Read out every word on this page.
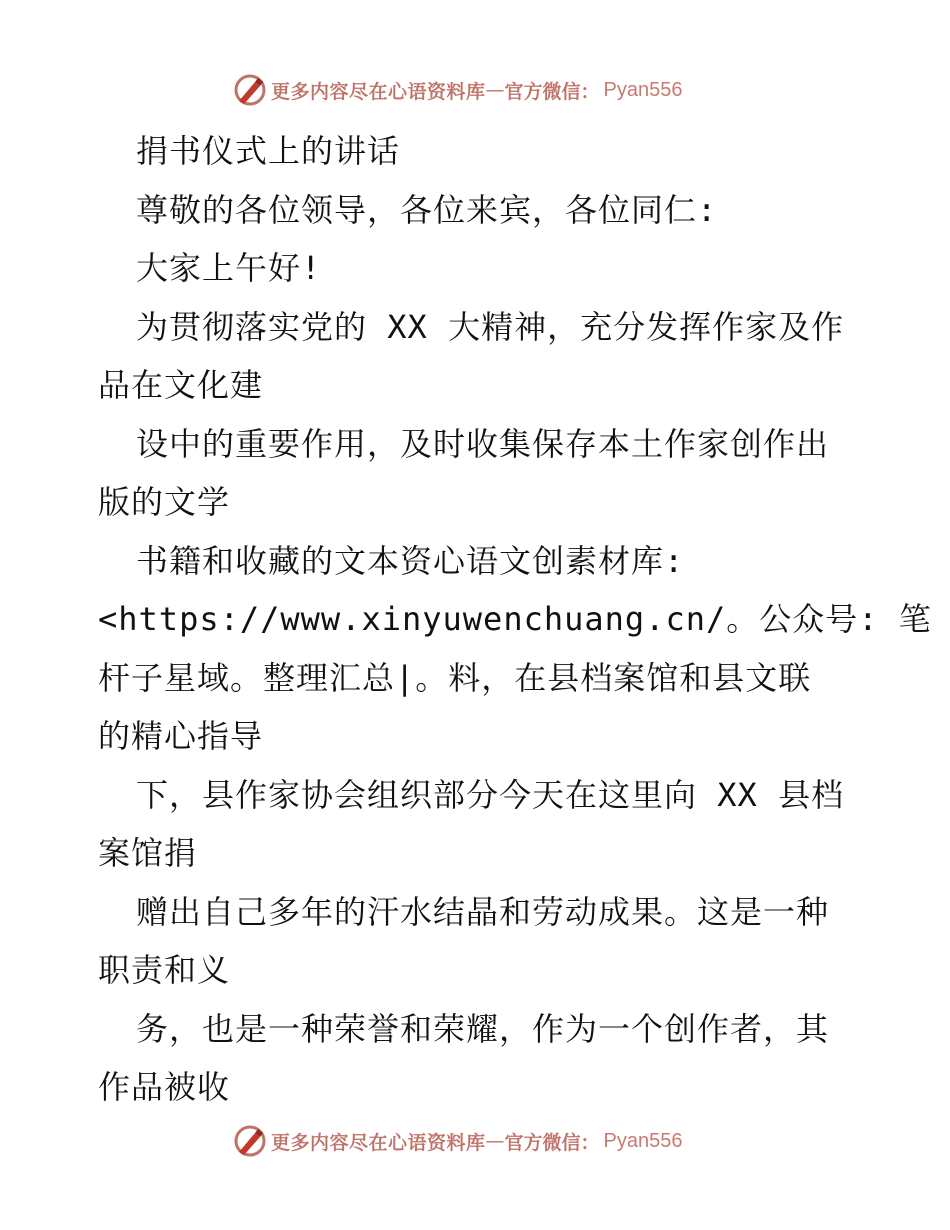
更多内容尽在心语资料库 — 官方微信： Pyan556
捐书仪式上的讲话
尊敬的各位领导，各位来宾，各位同仁:
大家上午好!
为贯彻落实党的 XX 大精神，充分发挥作家及作
品在文化建
设中的重要作用，及时收集保存本土作家创作出
版的文学
书籍和收藏的文本资心语文创素材库:
<https://www.xinyuwenchuang.cn/。公众号: 笔
杆子星域。整理汇总|。料，在县档案馆和县文联
的精心指导
下，县作家协会组织部分今天在这里向 XX 县档
案馆捐
赠出自己多年的汗水结晶和劳动成果。这是一种
职责和义
务，也是一种荣誉和荣耀，作为一个创作者，其
作品被收
更多内容尽在心语资料库 — 官方微信： Pyan556
